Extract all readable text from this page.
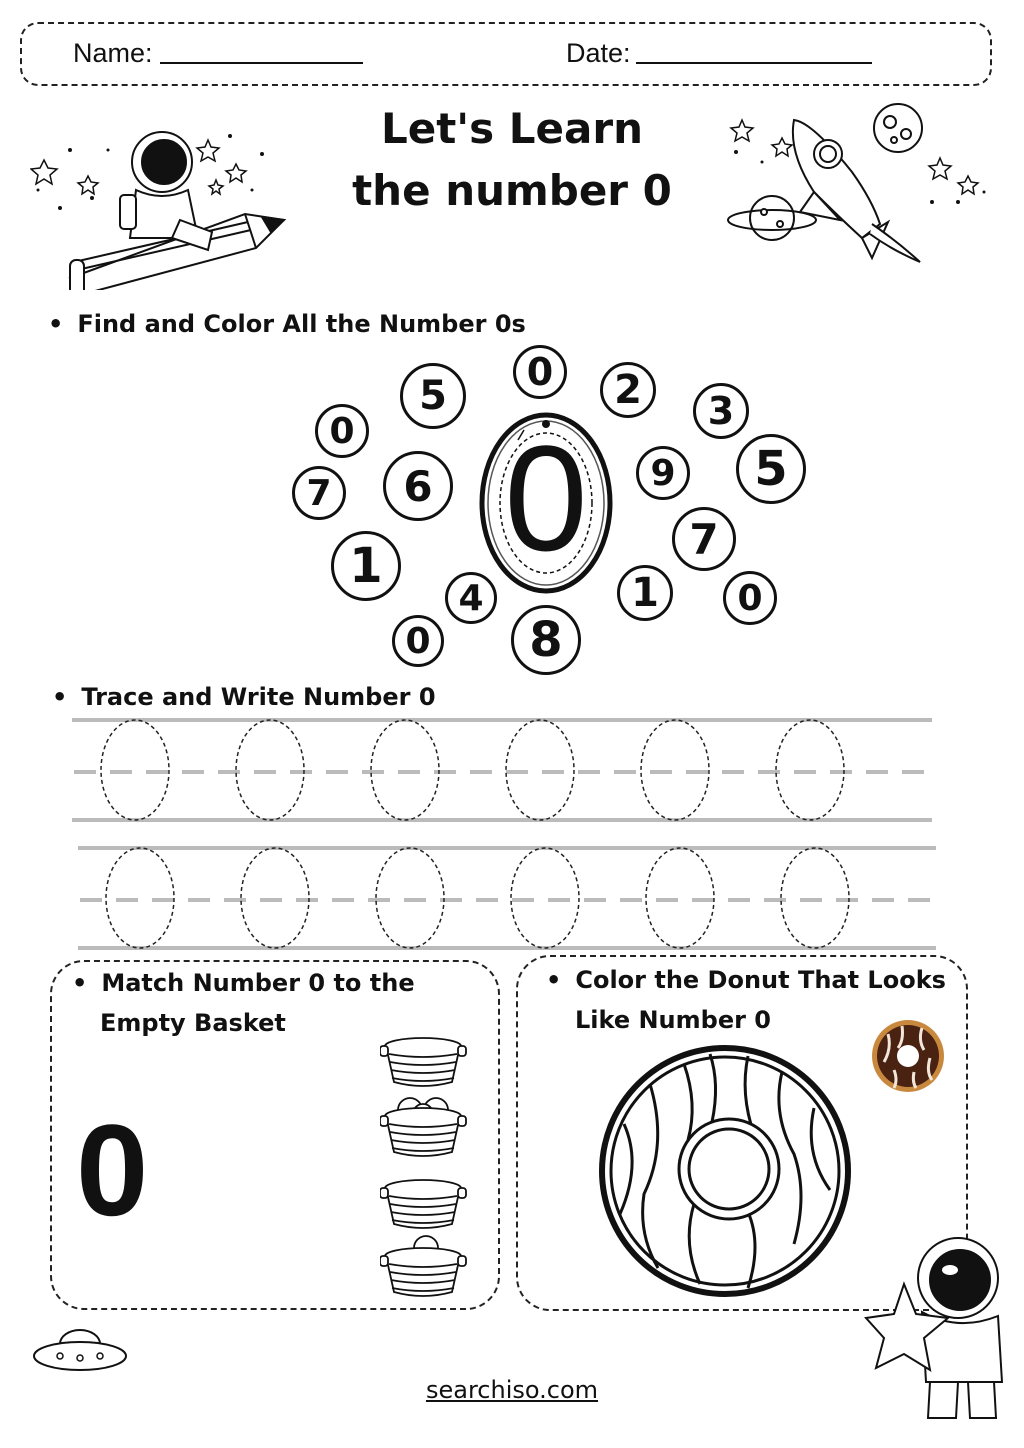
Name:	Date:
Let's Learn
the number 0
• Find and Color All the Number 0s
0
5	2	3
0
5
7	6	9
7
1
4	1	0
0	8
0
• Trace and Write Number 0
• Match Number 0 to the
Empty Basket
0
• Color the Donut That Looks
Like Number 0
searchiso.com
